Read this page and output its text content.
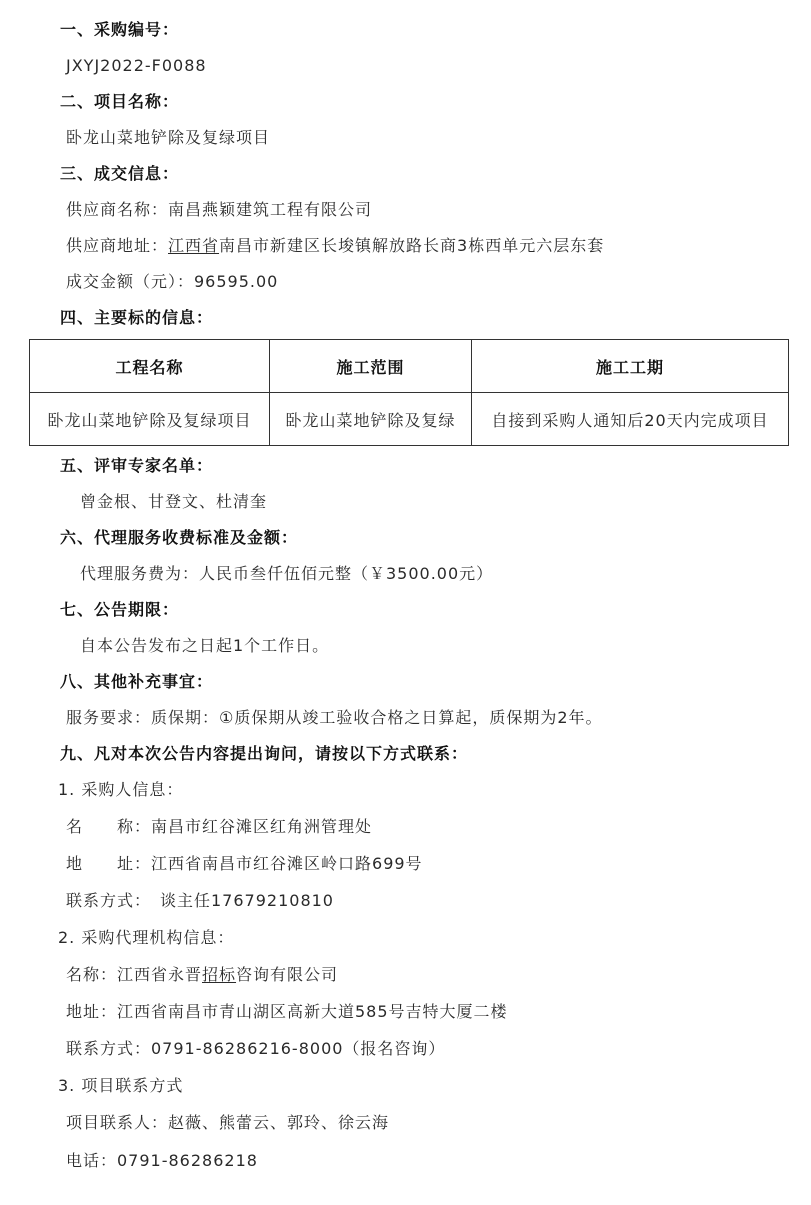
一、采购编号：
JXYJ2022-F0088
二、项目名称：
卧龙山菜地铲除及复绿项目
三、成交信息：
供应商名称：南昌燕颖建筑工程有限公司
供应商地址：江西省南昌市新建区长埈镇解放路长商3栋西单元六层东套
成交金额（元）：96595.00
四、主要标的信息：
工程名称	施工范围	施工工期
卧龙山菜地铲除及复绿项目	卧龙山菜地铲除及复绿	自接到采购人通知后20天内完成项目
五、评审专家名单：
曾金根、甘登文、杜清奎
六、代理服务收费标准及金额：
代理服务费为：人民币叁仟伍佰元整（￥3500.00元）
七、公告期限：
自本公告发布之日起1个工作日。
八、其他补充事宜：
服务要求：质保期：①质保期从竣工验收合格之日算起，质保期为2年。
九、凡对本次公告内容提出询问，请按以下方式联系：
1. 采购人信息：
名　　称：南昌市红谷滩区红角洲管理处
地　　址：江西省南昌市红谷滩区岭口路699号
联系方式：　谈主任17679210810
2. 采购代理机构信息：
名称：江西省永晋招标咨询有限公司
地址：江西省南昌市青山湖区高新大道585号吉特大厦二楼
联系方式：0791-86286216-8000（报名咨询）
3. 项目联系方式
项目联系人：赵薇、熊蕾云、郭玲、徐云海
电话：0791-86286218
